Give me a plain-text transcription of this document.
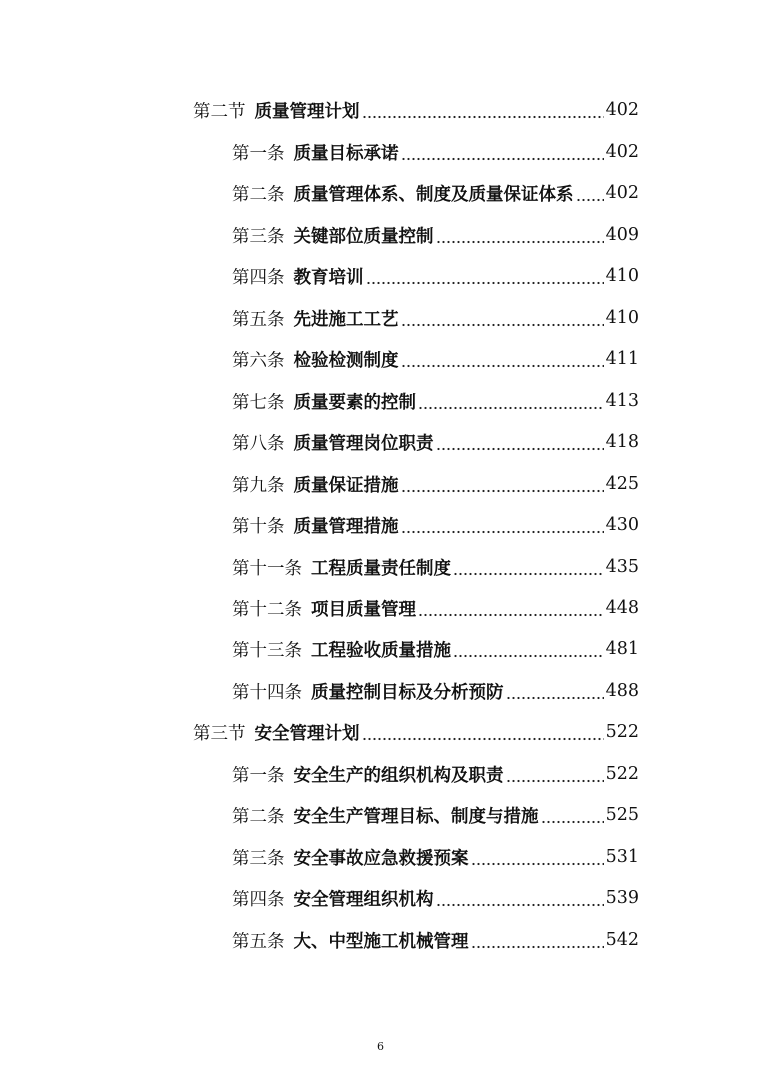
第二节 质量管理计划	402
第一条 质量目标承诺	402
第二条 质量管理体系、制度及质量保证体系 402
第三条 关键部位质量控制	409
第四条 教育培训	410
第五条 先进施工工艺	410
第六条 检验检测制度	411
第七条 质量要素的控制	413
第八条 质量管理岗位职责	418
第九条 质量保证措施	425
第十条 质量管理措施	430
第十一条 工程质量责任制度	435
第十二条 项目质量管理	448
第十三条 工程验收质量措施	481
第十四条 质量控制目标及分析预防	488
第三节 安全管理计划	522
第一条 安全生产的组织机构及职责	522
第二条 安全生产管理目标、制度与措施	525
第三条 安全事故应急救援预案	531
第四条 安全管理组织机构	539
第五条 大、中型施工机械管理	542
6
